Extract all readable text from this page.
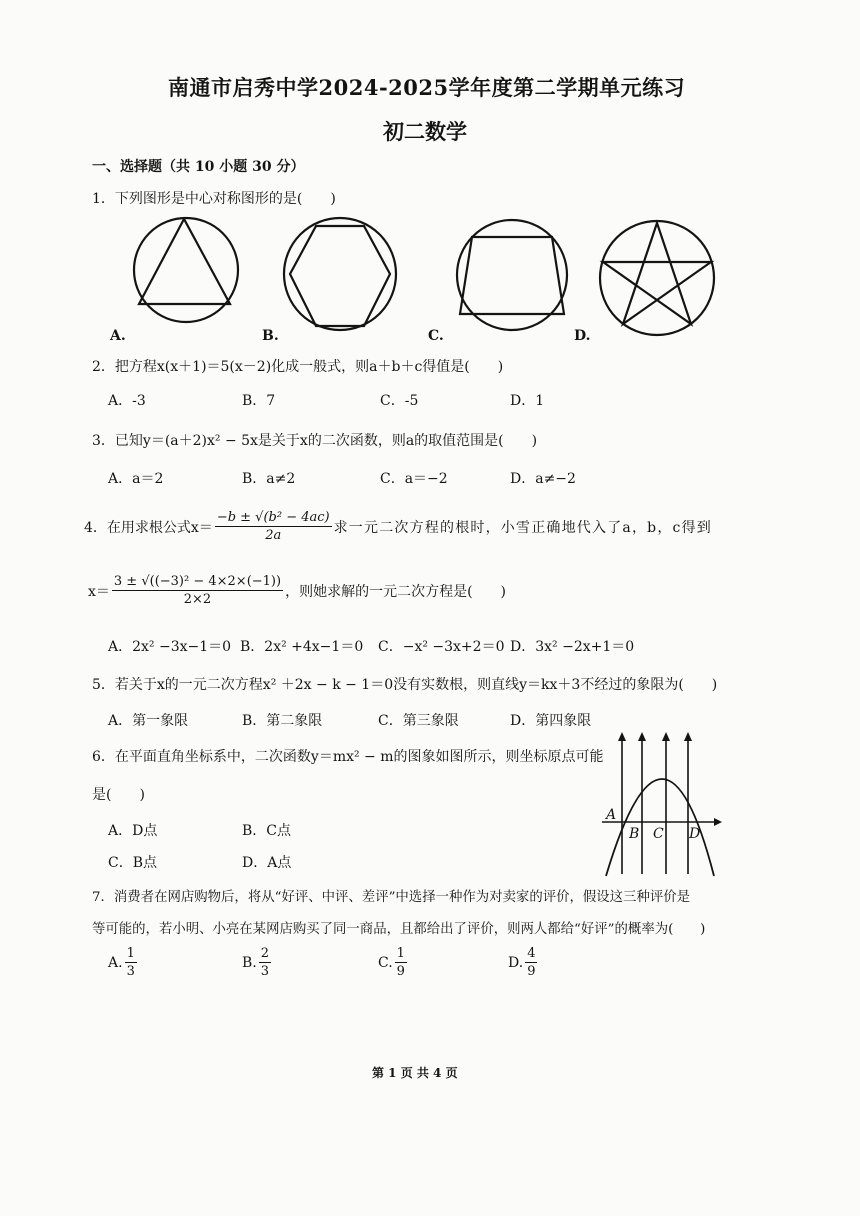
南通市启秀中学2024-2025学年度第二学期单元练习
初二数学
一、选择题（共 10 小题 30 分）
1．下列图形是中心对称图形的是(　　)
A.	B.	C.	D.
2．把方程x(x＋1)＝5(x－2)化成一般式，则a＋b＋c得值是(　　)
A．-3	B．7	C．-5	D．1
3．已知y＝(a＋2)x² − 5x是关于x的二次函数，则a的取值范围是(　　)
A．a＝2	B．a≠2	C．a＝−2	D．a≠−2
4．在用求根公式$x= \frac{\text{−b ± √(b² − 4ac)}}{2a}$ 求一元二次方程的根时，小雪正确地代入了a，b，c得到
$x= \frac{\text{3 ± √((−3)² − 4×2×(−1))}}{2\times 2}$ ，则她求解的一元二次方程是(　　)
A．2x² −3x−1＝0 B．2x² +4x−1＝0 C．−x² −3x+2＝0 D．3x² −2x+1＝0
5．若关于x的一元二次方程x² ＋2x − k − 1＝0没有实数根，则直线y＝kx＋3不经过的象限为(　　)
A．第一象限	B．第二象限	C．第三象限	D．第四象限
6．在平面直角坐标系中，二次函数y＝mx² − m的图象如图所示，则坐标原点可能
是(　　)
A．D点	B．C点
C．B点	D．A点
A
B C D
7．消费者在网店购物后，将从“好评、中评、差评”中选择一种作为对卖家的评价，假设这三种评价是
等可能的，若小明、小亮在某网店购买了同一商品，且都给出了评价，则两人都给“好评”的概率为(　　)
A. $\frac{1}{3}$	B. $\frac{2}{3}$	C. $\frac{1}{9}$	D. $\frac{4}{9}$
第 1 页 共 4 页
